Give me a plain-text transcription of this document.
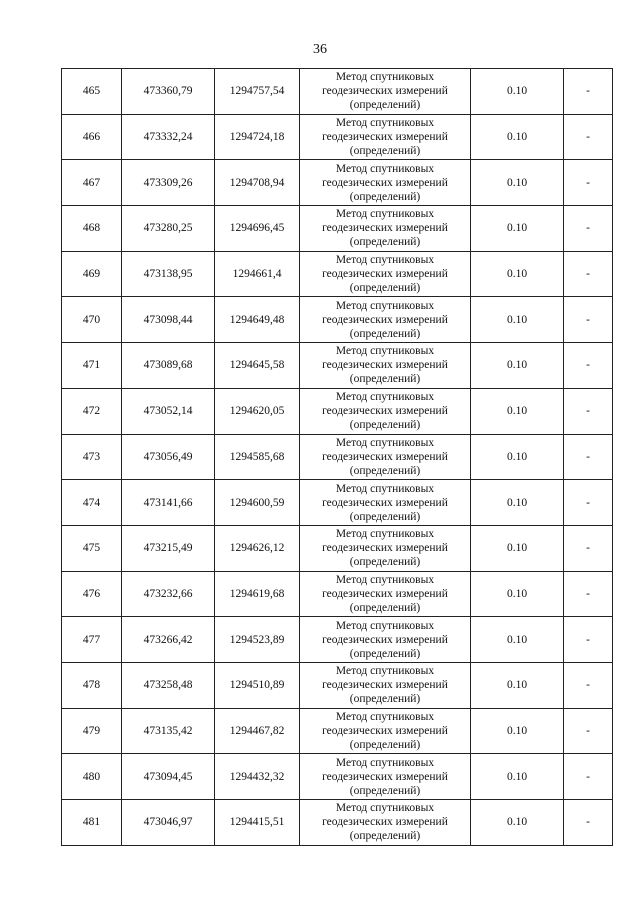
36
465	473360,79	1294757,54	Метод спутниковых
геодезических измерений
(определений)	0.10	-
466	473332,24	1294724,18	Метод спутниковых
геодезических измерений
(определений)	0.10	-
467	473309,26	1294708,94	Метод спутниковых
геодезических измерений
(определений)	0.10	-
468	473280,25	1294696,45	Метод спутниковых
геодезических измерений
(определений)	0.10	-
469	473138,95	1294661,4	Метод спутниковых
геодезических измерений
(определений)	0.10	-
470	473098,44	1294649,48	Метод спутниковых
геодезических измерений
(определений)	0.10	-
471	473089,68	1294645,58	Метод спутниковых
геодезических измерений
(определений)	0.10	-
472	473052,14	1294620,05	Метод спутниковых
геодезических измерений
(определений)	0.10	-
473	473056,49	1294585,68	Метод спутниковых
геодезических измерений
(определений)	0.10	-
474	473141,66	1294600,59	Метод спутниковых
геодезических измерений
(определений)	0.10	-
475	473215,49	1294626,12	Метод спутниковых
геодезических измерений
(определений)	0.10	-
476	473232,66	1294619,68	Метод спутниковых
геодезических измерений
(определений)	0.10	-
477	473266,42	1294523,89	Метод спутниковых
геодезических измерений
(определений)	0.10	-
478	473258,48	1294510,89	Метод спутниковых
геодезических измерений
(определений)	0.10	-
479	473135,42	1294467,82	Метод спутниковых
геодезических измерений
(определений)	0.10	-
480	473094,45	1294432,32	Метод спутниковых
геодезических измерений
(определений)	0.10	-
481	473046,97	1294415,51	Метод спутниковых
геодезических измерений
(определений)	0.10	-
